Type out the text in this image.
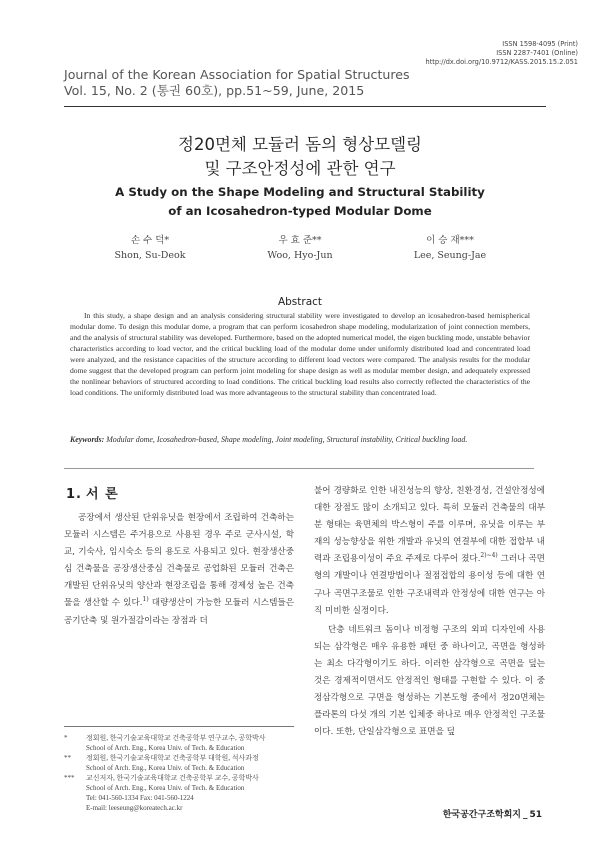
ISSN 1598-4095 (Print)
ISSN 2287-7401 (Online)
http://dx.doi.org/10.9712/KASS.2015.15.2.051
Journal of the Korean Association for Spatial Structures
Vol. 15, No. 2 (통권 60호), pp.51~59, June, 2015
정20면체 모듈러 돔의 형상모델링
및 구조안정성에 관한 연구
A Study on the Shape Modeling and Structural Stability
of an Icosahedron-typed Modular Dome
손 수 덕*
Shon, Su-Deok
우 효 준**
Woo, Hyo-Jun
이 승 재***
Lee, Seung-Jae
Abstract
In this study, a shape design and an analysis considering structural stability were investigated to develop an icosahedron-based hemispherical modular dome. To design this modular dome, a program that can perform icosahedron shape modeling, modularization of joint connection members, and the analysis of structural stability was developed. Furthermore, based on the adopted numerical model, the eigen buckling mode, unstable behavior characteristics according to load vector, and the critical buckling load of the modular dome under uniformly distributed load and concentrated load were analyzed, and the resistance capacities of the structure according to different load vectors were compared. The analysis results for the modular dome suggest that the developed program can perform joint modeling for shape design as well as modular member design, and adequately expressed the nonlinear behaviors of structured according to load conditions. The critical buckling load results also correctly reflected the characteristics of the load conditions. The uniformly distributed load was more advantageous to the structural stability than concentrated load.
Keywords: Modular dome, Icosahedron-based, Shape modeling, Joint modeling, Structural instability, Critical buckling load.
1. 서 론

공장에서 생산된 단위유닛을 현장에서 조립하여 건축하는 모듈러 시스템은 주거용으로 사용된 경우 주로 군사시설, 학교, 기숙사, 임시숙소 등의 용도로 사용되고 있다. 현장생산중심 건축물을 공장생산중심 건축물로 공업화된 모듈러 건축은 개발된 단위유닛의 양산과 현장조립을 통해 경제성 높은 건축물을 생산할 수 있다.$^{1)}$ 대량생산이 가능한 모듈러 시스템들은 공기단축 및 원가절감이라는 장점과 더

불어 경량화로 인한 내진성능의 향상, 친환경성, 건설안정성에 대한 장점도 많이 소개되고 있다. 특히 모듈러 건축물의 대부분 형태는 육면체의 박스형이 주를 이루며, 유닛을 이루는 부재의 성능향상을 위한 개발과 유닛의 연결부에 대한 접합부 내력과 조립용이성이 주요 주제로 다루어 졌다.$^{2)\sim 4)}$ 그러나 곡면형의 개발이나 연결방법이나 절점접합의 용이성 등에 대한 연구나 곡면구조물로 인한 구조내력과 안정성에 대한 연구는 아직 미비한 실정이다.

단층 네트워크 돔이나 비정형 구조의 외피 디자인에 사용되는 삼각형은 매우 유용한 패턴 중 하나이고, 곡면을 형성하는 최소 다각형이기도 하다. 이러한 삼각형으로 곡면을 덮는 것은 경제적이면서도 안정적인 형태를 구현할 수 있다. 이 중 정삼각형으로 구면을 형성하는 기본도형 중에서 정20면체는 플라톤의 다섯 개의 기본 입체중 하나로 매우 안정적인 구조물이다. 또한, 단일삼각형으로 표면을 덮

*	정회원, 한국기술교육대학교 건축공학부 연구교수, 공학박사
School of Arch. Eng., Korea Univ. of Tech. & Education
** 정회원, 한국기술교육대학교 건축공학부 대학원, 석사과정
School of Arch. Eng., Korea Univ. of Tech. & Education
*** 교신저자, 한국기술교육대학교 건축공학부 교수, 공학박사
School of Arch. Eng., Korea Univ. of Tech. & Education
Tel: 041-560-1334 Fax: 041-560-1224
E-mail: leeseung@koreatech.ac.kr
한국공간구조학회지 _ 51
